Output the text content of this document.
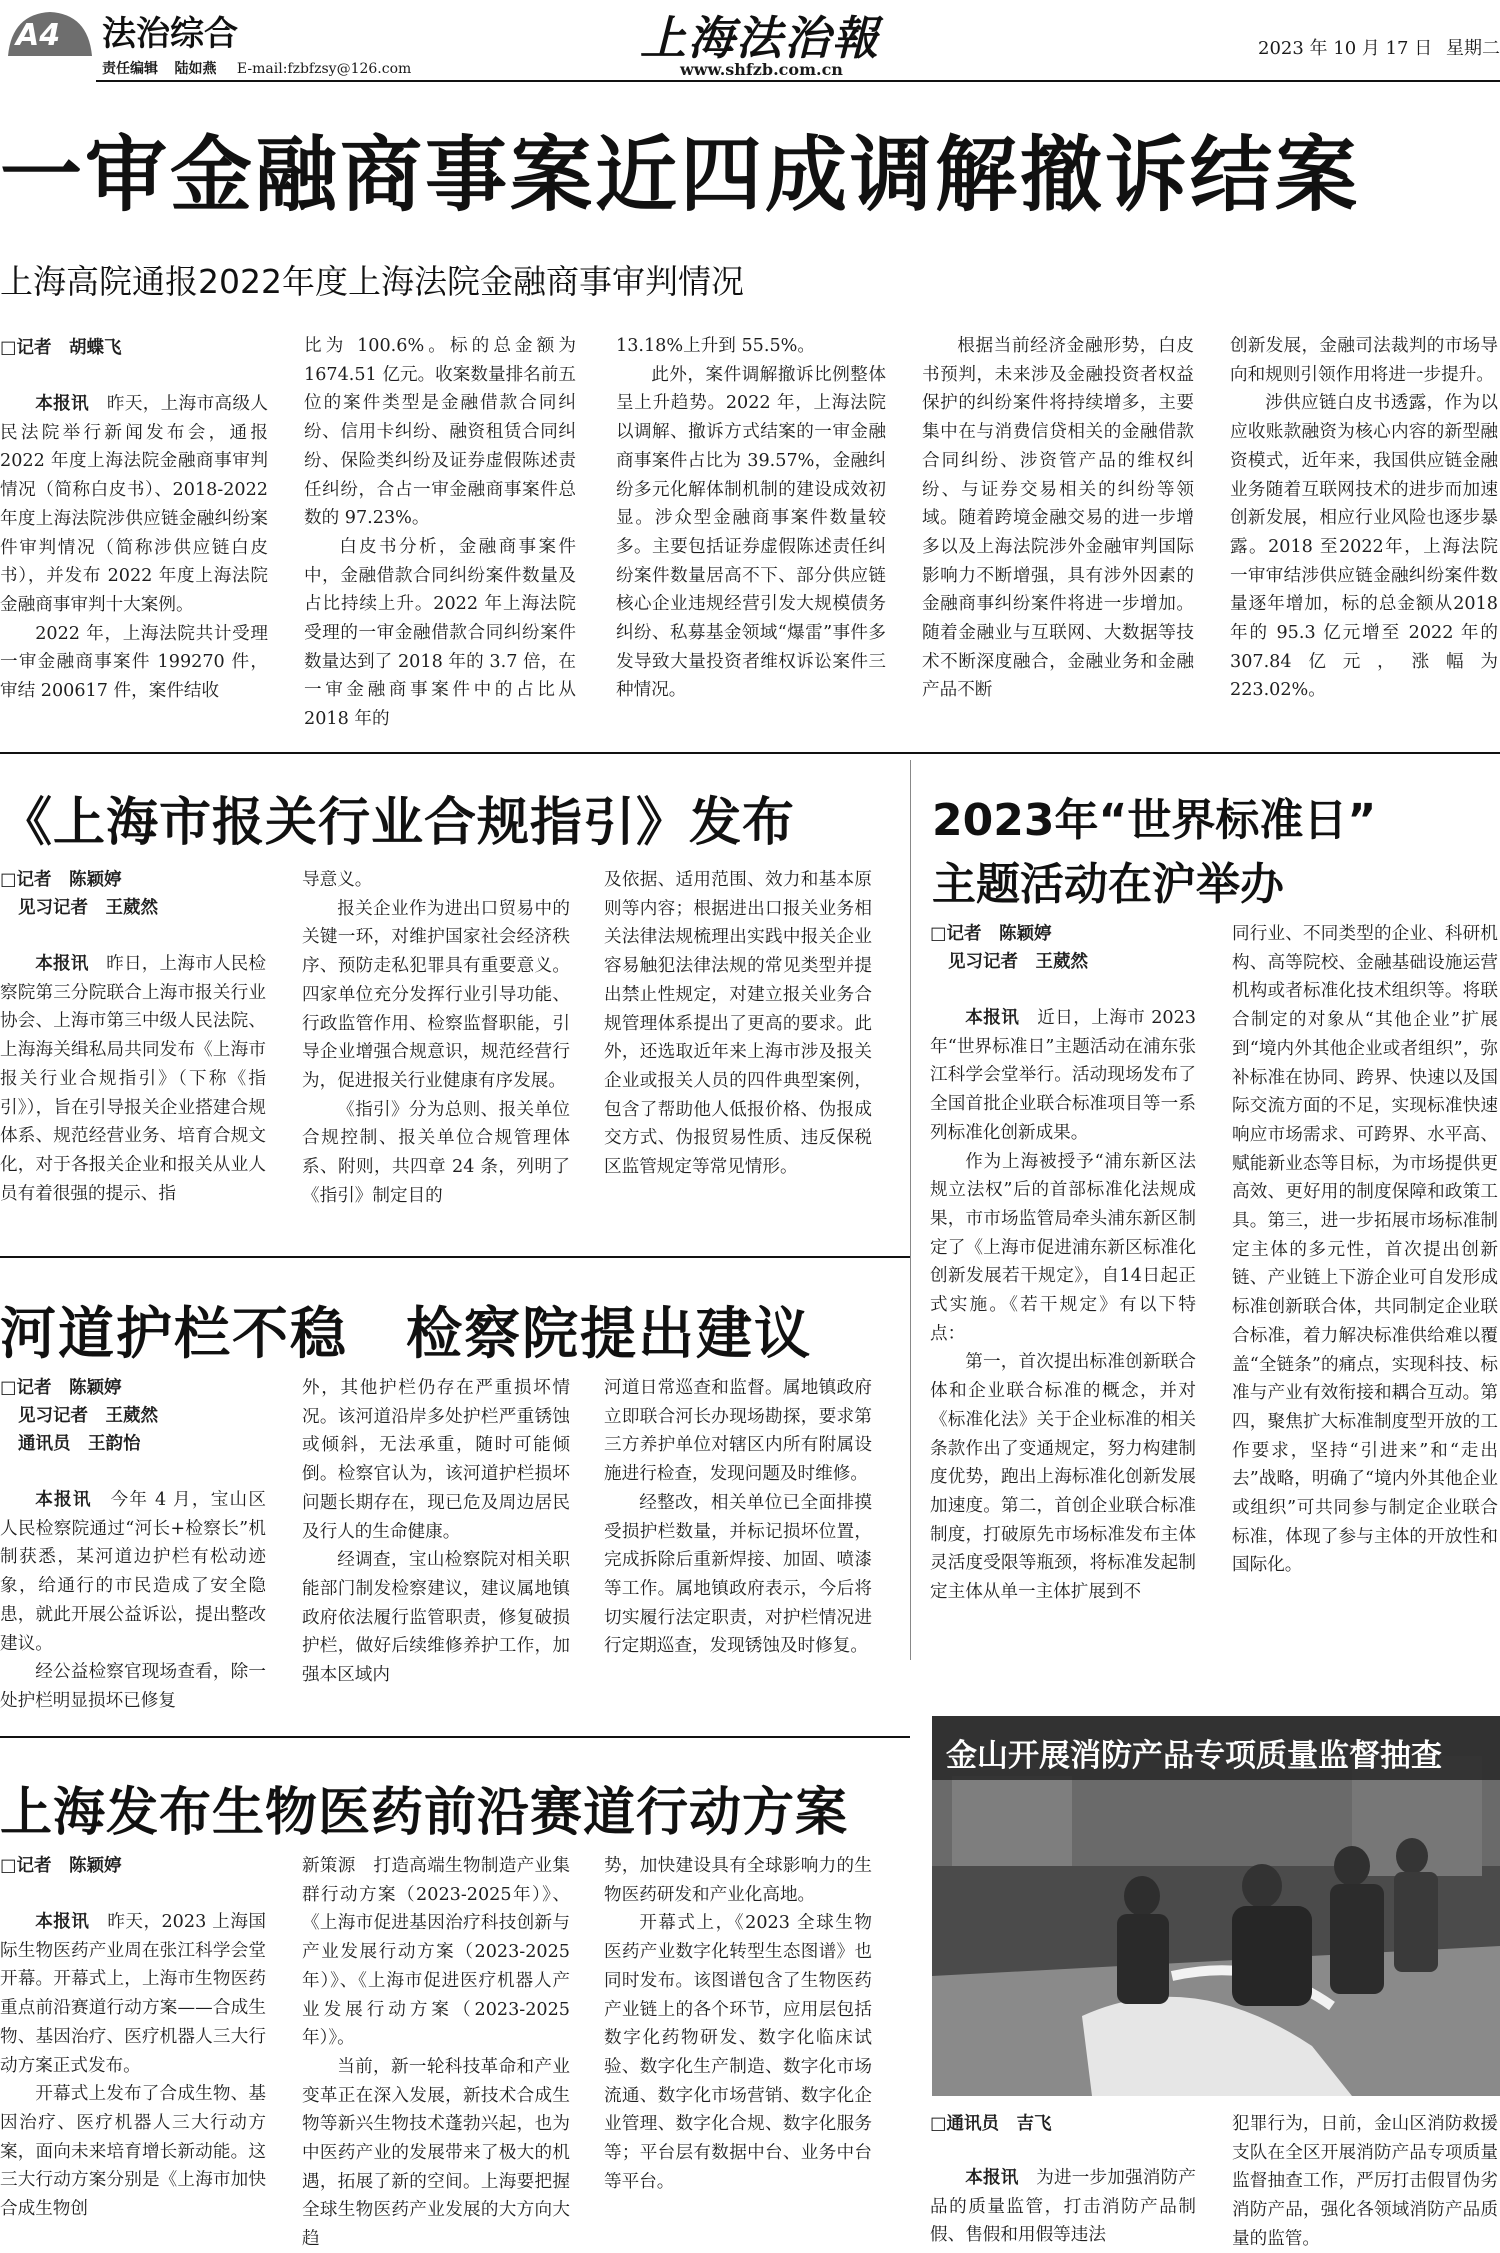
A4 法治综合
责任编辑 陆如燕 E-mail:fzbfzsy@126.com
上海法治報
www.shfzb.com.cn
2023 年 10 月 17 日 星期二
一审金融商事案近四成调解撤诉结案
上海高院通报2022年度上海法院金融商事审判情况
□ 记者　胡蝶飞

本报讯　 昨天，上海市高级人民法院举行新闻发布会，通报 2022 年度上海法院金融商事审判情况（简称白皮书）、2018-2022 年度上海法院涉供应链金融纠纷案件审判情况（简称涉供应链白皮书），并发布 2022 年度上海法院金融商事审判十大案例。

2022 年，上海法院共计受理一审金融商事案件 199270 件，审结 200617 件，案件结收

比为 100.6%。标的总金额为 1674.51 亿元。收案数量排名前五位的案件类型是金融借款合同纠纷、信用卡纠纷、融资租赁合同纠纷、保险类纠纷及证券虚假陈述责任纠纷，合占一审金融商事案件总数的 97.23%。

白皮书分析，金融商事案件中，金融借款合同纠纷案件数量及占比持续上升。2022 年上海法院受理的一审金融借款合同纠纷案件数量达到了 2018 年的 3.7 倍，在一审金融商事案件中的占比从 2018 年的

13.18%上升到 55.5%。

此外，案件调解撤诉比例整体呈上升趋势。2022 年，上海法院以调解、撤诉方式结案的一审金融商事案件占比为 39.57%，金融纠纷多元化解体制机制的建设成效初显。涉众型金融商事案件数量较多。主要包括证券虚假陈述责任纠纷案件数量居高不下、部分供应链核心企业违规经营引发大规模债务纠纷、私募基金领域“爆雷”事件多发导致大量投资者维权诉讼案件三种情况。

根据当前经济金融形势，白皮书预判，未来涉及金融投资者权益保护的纠纷案件将持续增多，主要集中在与消费信贷相关的金融借款合同纠纷、涉资管产品的维权纠纷、与证券交易相关的纠纷等领域。随着跨境金融交易的进一步增多以及上海法院涉外金融审判国际影响力不断增强，具有涉外因素的金融商事纠纷案件将进一步增加。随着金融业与互联网、大数据等技术不断深度融合，金融业务和金融产品不断

创新发展，金融司法裁判的市场导向和规则引领作用将进一步提升。

涉供应链白皮书透露，作为以应收账款融资为核心内容的新型融资模式，近年来，我国供应链金融业务随着互联网技术的进步而加速创新发展，相应行业风险也逐步暴露。2018 至2022年，上海法院一审审结涉供应链金融纠纷案件数量逐年增加，标的总金额从2018年的 95.3 亿元增至 2022 年的 307.84亿元，涨幅为 223.02%。

《上海市报关行业合规指引》发布
□ 记者　陈颖婷
见习记者　王葳然

本报讯　 昨日，上海市人民检察院第三分院联合上海市报关行业协会、上海市第三中级人民法院、上海海关缉私局共同发布《上海市报关行业合规指引》（下称《指引》），旨在引导报关企业搭建合规体系、规范经营业务、培育合规文化，对于各报关企业和报关从业人员有着很强的提示、指

导意义。

报关企业作为进出口贸易中的关键一环，对维护国家社会经济秩序、预防走私犯罪具有重要意义。四家单位充分发挥行业引导功能、行政监管作用、检察监督职能，引导企业增强合规意识，规范经营行为，促进报关行业健康有序发展。

《指引》分为总则、报关单位合规控制、报关单位合规管理体系、附则，共四章 24 条，列明了《指引》制定目的

及依据、适用范围、效力和基本原则等内容；根据进出口报关业务相关法律法规梳理出实践中报关企业容易触犯法律法规的常见类型并提出禁止性规定，对建立报关业务合规管理体系提出了更高的要求。此外，还选取近年来上海市涉及报关企业或报关人员的四件典型案例，包含了帮助他人低报价格、伪报成交方式、伪报贸易性质、违反保税区监管规定等常见情形。

2023年“世界标准日”
主题活动在沪举办
□ 记者　陈颖婷
见习记者　王葳然

本报讯　 近日，上海市 2023 年“世界标准日”主题活动在浦东张江科学会堂举行。活动现场发布了全国首批企业联合标准项目等一系列标准化创新成果。

作为上海被授予“浦东新区法规立法权”后的首部标准化法规成果，市市场监管局牵头浦东新区制定了《上海市促进浦东新区标准化创新发展若干规定》，自14日起正式实施。《若干规定》有以下特点：

第一，首次提出标准创新联合体和企业联合标准的概念，并对《标准化法》关于企业标准的相关条款作出了变通规定，努力构建制度优势，跑出上海标准化创新发展加速度。第二，首创企业联合标准制度，打破原先市场标准发布主体灵活度受限等瓶颈，将标准发起制定主体从单一主体扩展到不

同行业、不同类型的企业、科研机构、高等院校、金融基础设施运营机构或者标准化技术组织等。将联合制定的对象从“其他企业”扩展到“境内外其他企业或者组织”，弥补标准在协同、跨界、快速以及国际交流方面的不足，实现标准快速响应市场需求、可跨界、水平高、赋能新业态等目标，为市场提供更高效、更好用的制度保障和政策工具。第三，进一步拓展市场标准制定主体的多元性，首次提出创新链、产业链上下游企业可自发形成标准创新联合体，共同制定企业联合标准，着力解决标准供给难以覆盖“全链条”的痛点，实现科技、标准与产业有效衔接和耦合互动。第四，聚焦扩大标准制度型开放的工作要求，坚持“引进来”和“走出去”战略，明确了“境内外其他企业或组织”可共同参与制定企业联合标准，体现了参与主体的开放性和国际化。

河道护栏不稳　检察院提出建议
□ 记者　陈颖婷
见习记者　王葳然
通讯员　王韵怡

本报讯　 今年 4 月，宝山区人民检察院通过“河长+检察长”机制获悉，某河道边护栏有松动迹象，给通行的市民造成了安全隐患，就此开展公益诉讼，提出整改建议。

经公益检察官现场查看，除一处护栏明显损坏已修复

外，其他护栏仍存在严重损坏情况。该河道沿岸多处护栏严重锈蚀或倾斜，无法承重，随时可能倾倒。检察官认为，该河道护栏损坏问题长期存在，现已危及周边居民及行人的生命健康。

经调查，宝山检察院对相关职能部门制发检察建议，建议属地镇政府依法履行监管职责，修复破损护栏，做好后续维修养护工作，加强本区域内

河道日常巡查和监督。属地镇政府立即联合河长办现场勘探，要求第三方养护单位对辖区内所有附属设施进行检查，发现问题及时维修。

经整改，相关单位已全面排摸受损护栏数量，并标记损坏位置，完成拆除后重新焊接、加固、喷漆等工作。属地镇政府表示，今后将切实履行法定职责，对护栏情况进行定期巡查，发现锈蚀及时修复。

上海发布生物医药前沿赛道行动方案
□ 记者　陈颖婷

本报讯　 昨天，2023 上海国际生物医药产业周在张江科学会堂开幕。开幕式上，上海市生物医药重点前沿赛道行动方案——合成生物、基因治疗、医疗机器人三大行动方案正式发布。

开幕式上发布了合成生物、基因治疗、医疗机器人三大行动方案，面向未来培育增长新动能。这三大行动方案分别是《上海市加快合成生物创

新策源　打造高端生物制造产业集群行动方案（2023-2025年）》、《上海市促进基因治疗科技创新与产业发展行动方案（2023-2025 年）》、《上海市促进医疗机器人产业发展行动方案（2023-2025 年）》。

当前，新一轮科技革命和产业变革正在深入发展，新技术合成生物等新兴生物技术蓬勃兴起，也为中医药产业的发展带来了极大的机遇，拓展了新的空间。上海要把握全球生物医药产业发展的大方向大趋

势，加快建设具有全球影响力的生物医药研发和产业化高地。

开幕式上，《2023 全球生物医药产业数字化转型生态图谱》也同时发布。该图谱包含了生物医药产业链上的各个环节，应用层包括数字化药物研发、数字化临床试验、数字化生产制造、数字化市场流通、数字化市场营销、数字化企业管理、数字化合规、数字化服务等；平台层有数据中台、业务中台等平台。

金山开展消防产品专项质量监督抽查
□ 通讯员　吉飞

本报讯　 为进一步加强消防产品的质量监管，打击消防产品制假、售假和用假等违法

犯罪行为，日前，金山区消防救援支队在全区开展消防产品专项质量监督抽查工作，严厉打击假冒伪劣消防产品，强化各领域消防产品质量的监管。
